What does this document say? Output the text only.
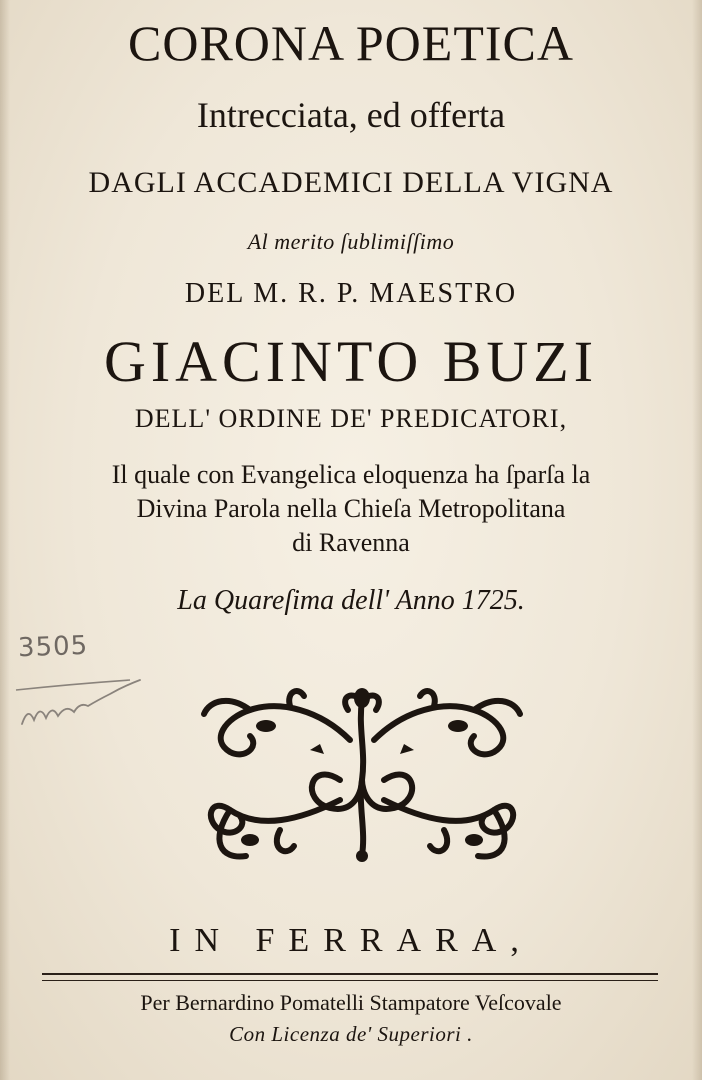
CORONA POETICA
Intrecciata, ed offerta
DAGLI ACCADEMICI DELLA VIGNA
Al merito ſublimiſſimo
DEL M. R. P. MAESTRO
GIACINTO BUZI
DELL' ORDINE DE' PREDICATORI,
Il quale con Evangelica eloquenza ha ſparſa la
Divina Parola nella Chieſa Metropolitana
di Ravenna
La Quareſima dell' Anno 1725.
3505
IN FERRARA,
Per Bernardino Pomatelli Stampatore Veſcovale
Con Licenza de' Superiori .
